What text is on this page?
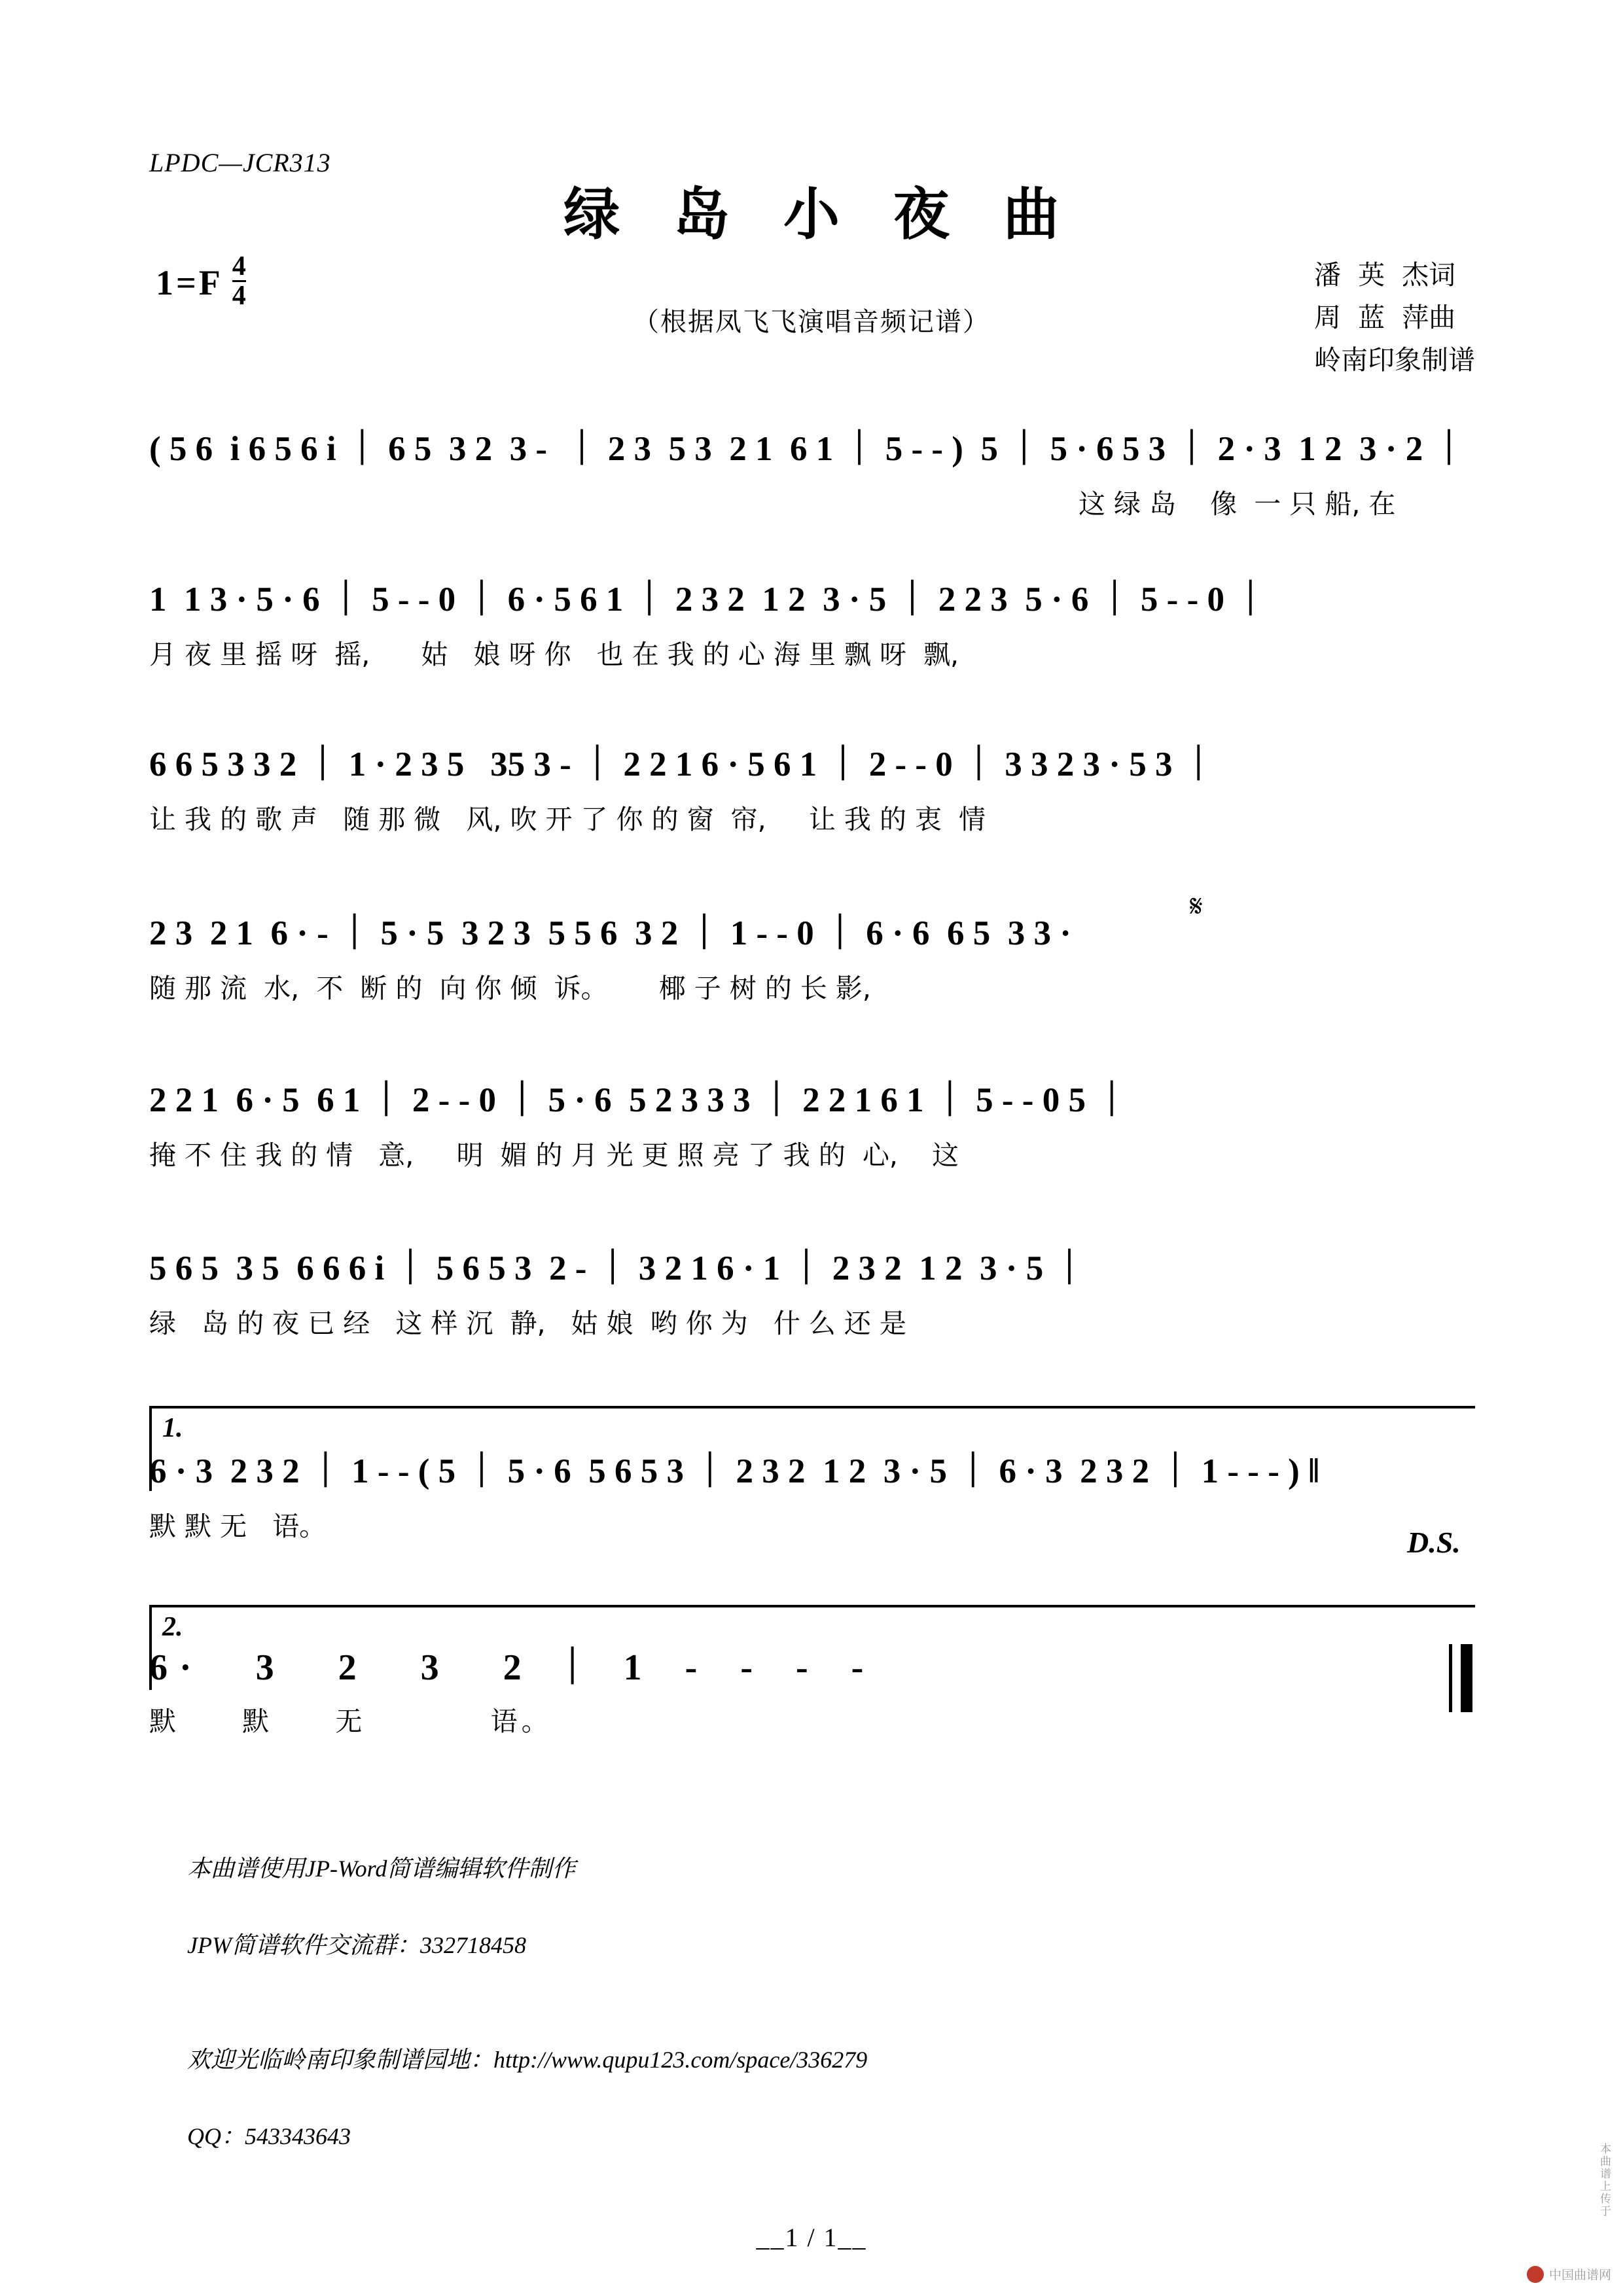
LPDC—JCR313
绿 岛 小 夜 曲
（根据凤飞飞演唱音频记谱）
1 = F $\frac{4}{4}$	潘  英  杰词
周  蓝  萍曲
岭南印象制谱
( 5 6  i 6 5 6 i ｜ 6 5  3 2  3 -  ｜ 2 3  5 3  2 1  6 1 ｜ 5 - - )  5 ｜ 5 · 6 5 3 ｜ 2 · 3  1 2  3 · 2 ｜
这 绿 岛    像  一 只 船, 在
1  1 3 · 5 · 6 ｜ 5 - - 0 ｜ 6 · 5 6 1 ｜ 2 3 2  1 2  3 · 5 ｜ 2 2 3  5 · 6 ｜ 5 - - 0 ｜
月 夜 里 摇 呀  摇,      姑   娘 呀 你   也 在 我 的 心 海 里 飘 呀  飘,
6 6 5 3 3 2 ｜ 1 · 2 3 5   35 3 - ｜ 2 2 1 6 · 5 6 1 ｜ 2 - - 0 ｜ 3 3 2 3 · 5 3 ｜
让 我 的 歌 声   随 那 微   风, 吹 开 了 你 的 窗  帘,     让 我 的 衷  情
2 3  2 1  6 · - ｜ 5 · 5  3 2 3  5 5 6  3 2 ｜ 1 - - 0 ｜ 6 · 6  6 5  3 3 ·
随 那 流  水,  不  断 的  向 你 倾  诉。      椰 子 树 的 长 影,
𝄋
2 2 1  6 · 5  6 1 ｜ 2 - - 0 ｜ 5 · 6  5 2 3 3 3 ｜ 2 2 1 6 1 ｜ 5 - - 0 5 ｜
掩 不 住 我 的 情   意,     明  媚 的 月 光 更 照 亮 了 我 的  心,    这
5 6 5  3 5  6 6 6 i ｜ 5 6 5 3  2 - ｜ 3 2 1 6 · 1 ｜ 2 3 2  1 2  3 · 5 ｜
绿   岛 的 夜 已 经   这 样 沉  静,   姑 娘  哟 你 为   什 么 还 是
1.
6 · 3  2 3 2 ｜ 1 - - ( 5 ｜ 5 · 6  5 6 5 3 ｜ 2 3 2  1 2  3 · 5 ｜ 6 · 3  2 3 2 ｜ 1 - - - ) ‖
默 默 无   语。	D.S.
2.
6 ·      3      2      3      2   ｜   1    -    -    -    -
默     默     无          语。

本曲谱使用JP-Word简谱编辑软件制作

JPW简谱软件交流群：332718458

欢迎光临岭南印象制谱园地：http://www.qupu123.com/space/336279

QQ：543343643

__1 / 1__
本曲谱上传于
中国曲谱网
